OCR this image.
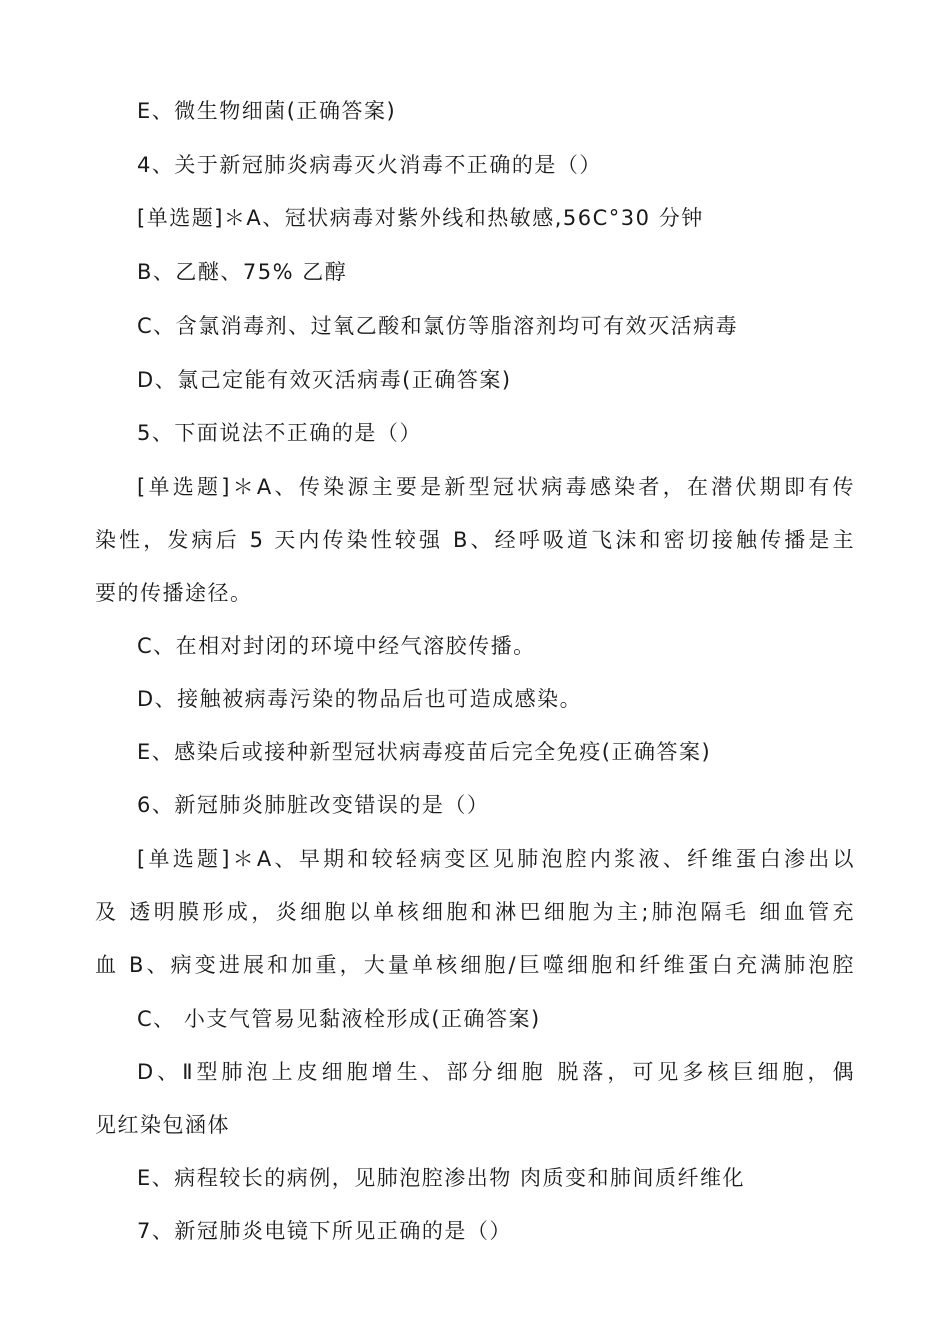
E、微生物细菌(正确答案)
4、关于新冠肺炎病毒灭火消毒不正确的是（）
[单选题]＊A、冠状病毒对紫外线和热敏感,56C°30 分钟
B、乙醚、75% 乙醇
C、含氯消毒剂、过氧乙酸和氯仿等脂溶剂均可有效灭活病毒
D、氯己定能有效灭活病毒(正确答案)
5、下面说法不正确的是（）
[单选题]＊A、传染源主要是新型冠状病毒感染者，在潜伏期即有传
染性，发病后 5 天内传染性较强 B、经呼吸道飞沫和密切接触传播是主
要的传播途径。
C、在相对封闭的环境中经气溶胶传播。
D、接触被病毒污染的物品后也可造成感染。
E、感染后或接种新型冠状病毒疫苗后完全免疫(正确答案)
6、新冠肺炎肺脏改变错误的是（）
[单选题]＊A、早期和较轻病变区见肺泡腔内浆液、纤维蛋白渗出以
及 透明膜形成，炎细胞以单核细胞和淋巴细胞为主;肺泡隔毛 细血管充
血 B、病变进展和加重，大量单核细胞/巨噬细胞和纤维蛋白充满肺泡腔
C、 小支气管易见黏液栓形成(正确答案)
D、Ⅱ型肺泡上皮细胞增生、部分细胞 脱落，可见多核巨细胞，偶
见红染包涵体
E、病程较长的病例，见肺泡腔渗出物 肉质变和肺间质纤维化
7、新冠肺炎电镜下所见正确的是（）
